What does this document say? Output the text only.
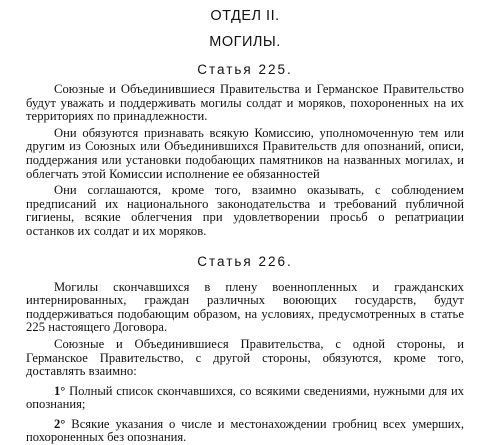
ОТДЕЛ II.
МОГИЛЫ.
Статья 225.

Союзные и Объединившиеся Правительства и Германское Правительство будут уважать и поддерживать могилы солдат и моряков, похороненных на их территориях по принадлежности.

Они обязуются признавать всякую Комиссию, уполномоченную тем или другим из Союзных или Объединившихся Правительств для опознаний, описи, поддержания или установки подобающих памятников на названных могилах, и облегчать этой Комиссии исполнение ее обязанностей

Они соглашаются, кроме того, взаимно оказывать, с соблюдением предписаний их национального законодательства и требований публичной гигиены, всякие облегчения при удовлетворении просьб о репатриации останков их солдат и их моряков.

Статья 226.

Могилы скончавшихся в плену военнопленных и гражданских интернированных, граждан различных воюющих государств, будут поддерживаться подобающим образом, на условиях, предусмотренных в статье 225 настоящего Договора.

Союзные и Объединившиеся Правительства, с одной стороны, и Германское Правительство, с другой стороны, обязуются, кроме того, доставлять взаимно:

1° Полный список скончавшихся, со всякими сведениями, нужными для их опознания;

2° Всякие указания о числе и местонахождении гробниц всех умерших, похороненных без опознания.
